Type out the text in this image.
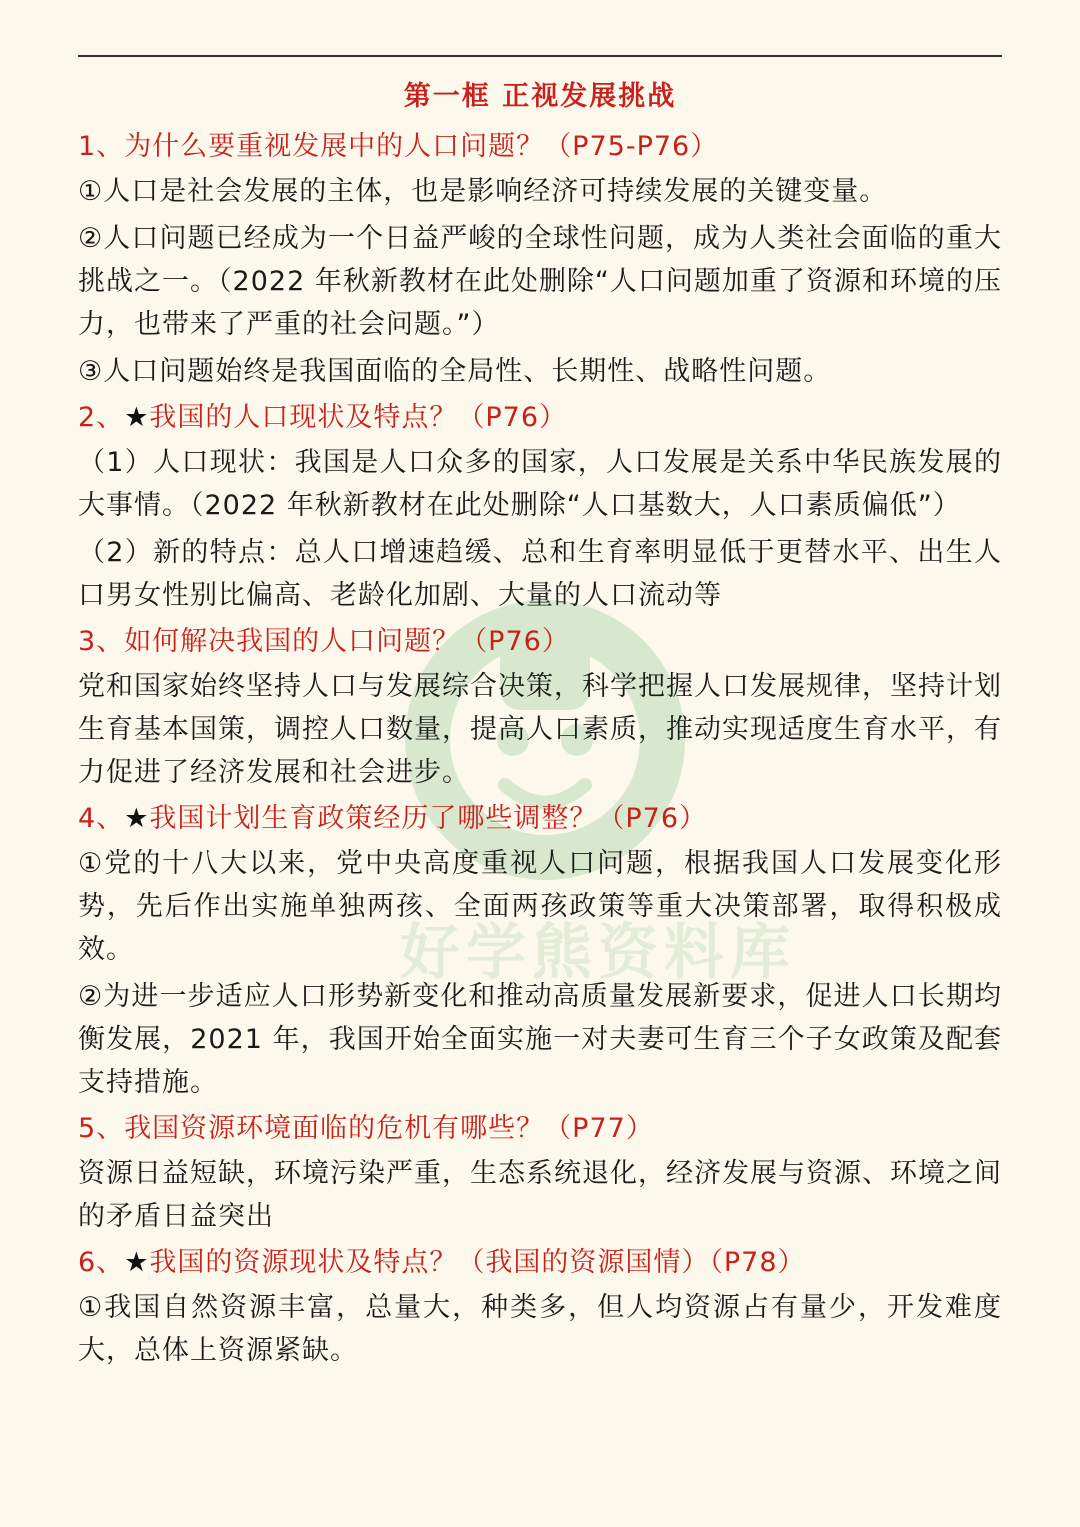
好学熊资料库
第一框 正视发展挑战
1、为什么要重视发展中的人口问题？（P75-P76）
①人口是社会发展的主体，也是影响经济可持续发展的关键变量。
②人口问题已经成为一个日益严峻的全球性问题，成为人类社会面临的重大挑战之一。（2022 年秋新教材在此处删除“人口问题加重了资源和环境的压力，也带来了严重的社会问题。”）
③人口问题始终是我国面临的全局性、长期性、战略性问题。
2、★我国的人口现状及特点？（P76）
（1）人口现状：我国是人口众多的国家，人口发展是关系中华民族发展的大事情。（2022 年秋新教材在此处删除“人口基数大，人口素质偏低”）
（2）新的特点：总人口增速趋缓、总和生育率明显低于更替水平、出生人口男女性别比偏高、老龄化加剧、大量的人口流动等
3、如何解决我国的人口问题？（P76）
党和国家始终坚持人口与发展综合决策，科学把握人口发展规律，坚持计划生育基本国策，调控人口数量，提高人口素质，推动实现适度生育水平，有力促进了经济发展和社会进步。
4、★我国计划生育政策经历了哪些调整？（P76）
①党的十八大以来，党中央高度重视人口问题，根据我国人口发展变化形势，先后作出实施单独两孩、全面两孩政策等重大决策部署，取得积极成效。
②为进一步适应人口形势新变化和推动高质量发展新要求，促进人口长期均衡发展，2021 年，我国开始全面实施一对夫妻可生育三个子女政策及配套支持措施。
5、我国资源环境面临的危机有哪些？（P77）
资源日益短缺，环境污染严重，生态系统退化，经济发展与资源、环境之间的矛盾日益突出
6、★我国的资源现状及特点？（我国的资源国情）（P78）
①我国自然资源丰富，总量大，种类多，但人均资源占有量少，开发难度大，总体上资源紧缺。
